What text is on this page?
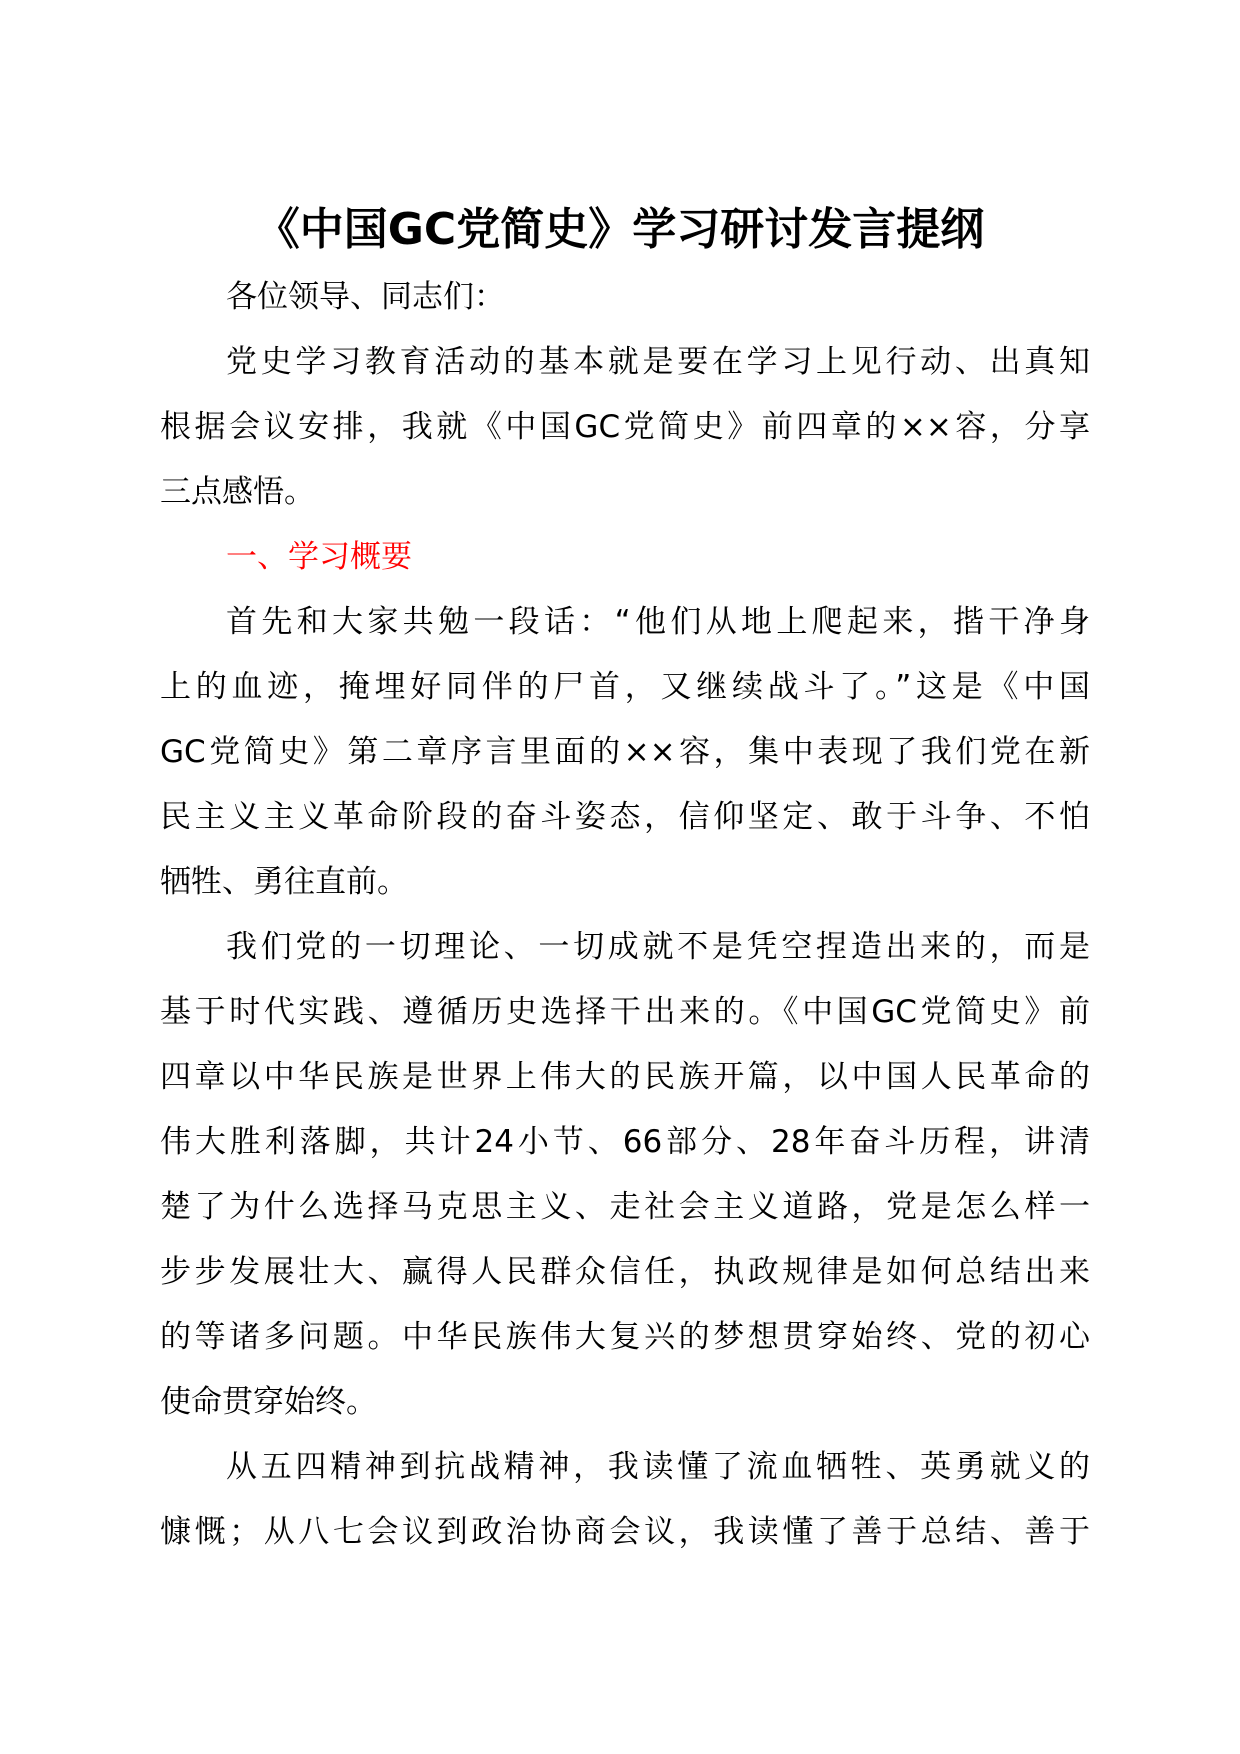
《中国GC党简史》学习研讨发言提纲
各位领导、同志们：
党史学习教育活动的基本就是要在学习上见行动、出真知
根据会议安排，我就《中国GC党简史》前四章的××容，分享
三点感悟。
一、学习概要
首先和大家共勉一段话：“他们从地上爬起来，揩干净身
上的血迹，掩埋好同伴的尸首，又继续战斗了。”这是《中国
GC党简史》第二章序言里面的××容，集中表现了我们党在新
民主义主义革命阶段的奋斗姿态，信仰坚定、敢于斗争、不怕
牺牲、勇往直前。
我们党的一切理论、一切成就不是凭空捏造出来的，而是
基于时代实践、遵循历史选择干出来的。《中国GC党简史》前
四章以中华民族是世界上伟大的民族开篇，以中国人民革命的
伟大胜利落脚，共计24小节、66部分、28年奋斗历程，讲清
楚了为什么选择马克思主义、走社会主义道路，党是怎么样一
步步发展壮大、赢得人民群众信任，执政规律是如何总结出来
的等诸多问题。中华民族伟大复兴的梦想贯穿始终、党的初心
使命贯穿始终。
从五四精神到抗战精神，我读懂了流血牺牲、英勇就义的
慷慨；从八七会议到政治协商会议，我读懂了善于总结、善于
